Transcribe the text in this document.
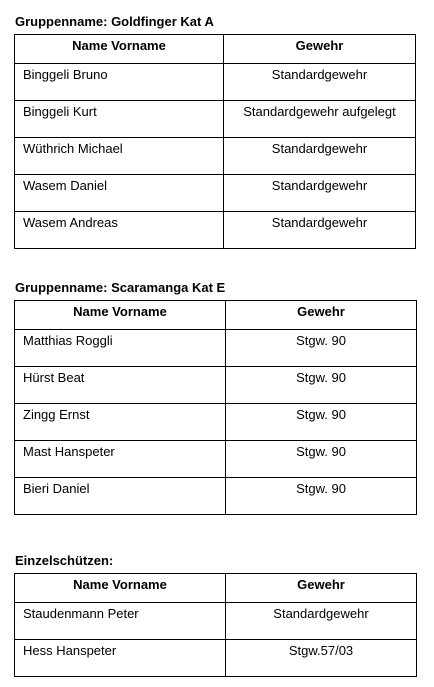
Gruppenname: Goldfinger Kat A
Name Vorname	Gewehr
Binggeli Bruno	Standardgewehr
Binggeli Kurt	Standardgewehr aufgelegt
Wüthrich Michael	Standardgewehr
Wasem Daniel	Standardgewehr
Wasem Andreas	Standardgewehr
Gruppenname: Scaramanga Kat E
Name Vorname	Gewehr
Matthias Roggli	Stgw. 90
Hürst Beat	Stgw. 90
Zingg Ernst	Stgw. 90
Mast Hanspeter	Stgw. 90
Bieri Daniel	Stgw. 90
Einzelschützen:
Name Vorname	Gewehr
Staudenmann Peter	Standardgewehr
Hess Hanspeter	Stgw.57/03
